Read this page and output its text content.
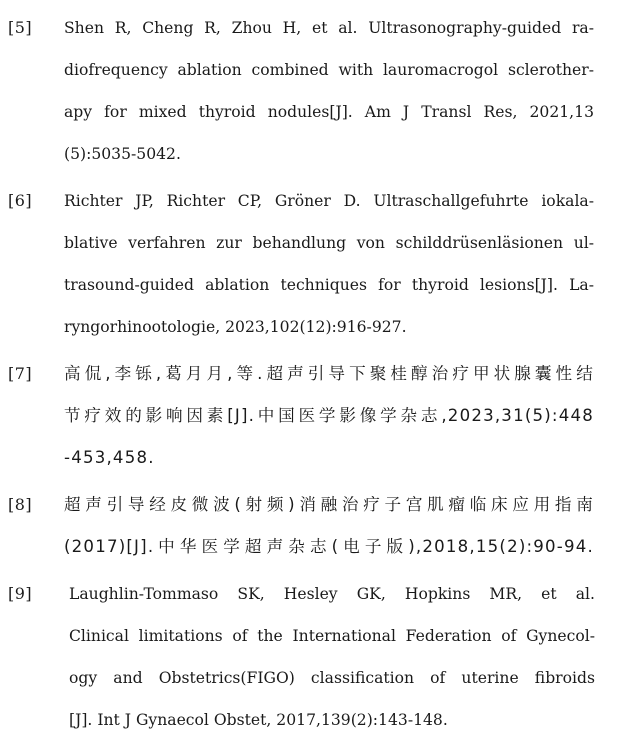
[5] Shen R, Cheng R, Zhou H, et al. Ultrasonography-guided ra-
diofrequency ablation combined with lauromacrogol sclerother-
apy for mixed thyroid nodules[J]. Am J Transl Res, 2021,13
(5):5035-5042.
[6] Richter JP, Richter CP, Gröner D. Ultraschallgefuhrte iokala-
blative verfahren zur behandlung von schilddrüsenläsionen ul-
trasound-guided ablation techniques for thyroid lesions[J]. La-
ryngorhinootologie, 2023,102(12):916-927.
[7] 高侃,李铄,葛月月,等.超声引导下聚桂醇治疗甲状腺囊性结
节疗效的影响因素[J].中国医学影像学杂志,2023,31(5):448
-453,458.
[8] 超声引导经皮微波(射频)消融治疗子宫肌瘤临床应用指南
(2017)[J].中华医学超声杂志(电子版),2018,15(2):90-94.
[9] Laughlin-Tommaso SK, Hesley GK, Hopkins MR, et al.
Clinical limitations of the International Federation of Gynecol-
ogy and Obstetrics(FIGO) classification of uterine fibroids
[J]. Int J Gynaecol Obstet, 2017,139(2):143-148.
